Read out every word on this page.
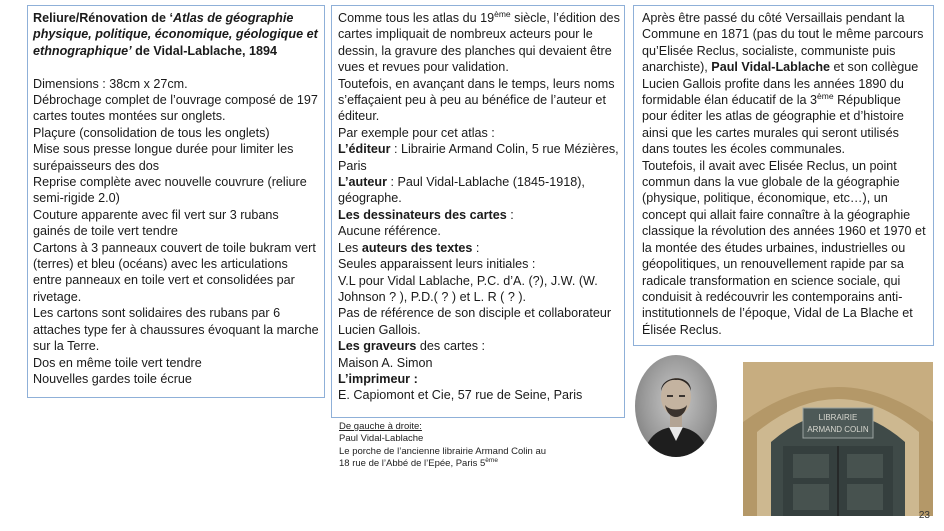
Reliure/Rénovation de ‘Atlas de géographie
physique, politique, économique, géologique et
ethnographique’ de Vidal-Lablache, 1894
Dimensions : 38cm x 27cm.
Débrochage complet de l’ouvrage composé de 197
cartes toutes montées sur onglets.
Plaçure (consolidation de tous les onglets)
Mise sous presse longue durée pour limiter les
surépaisseurs des dos
Reprise complète avec nouvelle couvrure (reliure
semi-rigide 2.0)
Couture apparente avec fil vert sur 3 rubans
gainés de toile vert tendre
Cartons à 3 panneaux couvert de toile bukram vert
(terres) et bleu (océans) avec les articulations
entre panneaux en toile vert et consolidées par
rivetage.
Les cartons sont solidaires des rubans par 6
attaches type fer à chaussures évoquant la marche
sur la Terre.
Dos en même toile vert tendre
Nouvelles gardes toile écrue
Comme tous les atlas du 19ème siècle, l’édition des
cartes impliquait de nombreux acteurs pour le
dessin, la gravure des planches qui devaient être
vues et revues pour validation.
Toutefois, en avançant dans le temps, leurs noms
s’effaçaient peu à peu au bénéfice de l’auteur et
éditeur.
Par exemple pour cet atlas :
L’éditeur : Librairie Armand Colin, 5 rue Mézières,
Paris
L’auteur : Paul Vidal-Lablache (1845-1918),
géographe.
Les dessinateurs des cartes :
Aucune référence.
Les auteurs des textes :
Seules apparaissent leurs initiales :
V.L pour Vidal Lablache, P.C. d’A. (?), J.W. (W.
Johnson ? ), P.D.( ? ) et L. R ( ? ).
Pas de référence de son disciple et collaborateur
Lucien Gallois.
Les graveurs des cartes :
Maison A. Simon
L’imprimeur :
E. Capiomont et Cie, 57 rue de Seine, Paris
Après être passé du côté Versaillais pendant la
Commune en 1871 (pas du tout le même parcours
qu’Elisée Reclus, socialiste, communiste puis
anarchiste), Paul Vidal-Lablache et son collègue
Lucien Gallois profite dans les années 1890 du
formidable élan éducatif de la 3ème République
pour éditer les atlas de géographie et d’histoire
ainsi que les cartes murales qui seront utilisés
dans toutes les écoles communales.
Toutefois, il avait avec Elisée Reclus, un point
commun dans la vue globale de la géographie
(physique, politique, économique, etc…), un
concept qui allait faire connaître à la géographie
classique la révolution des années 1960 et 1970 et
la montée des études urbaines, industrielles ou
géopolitiques, un renouvellement rapide par sa
radicale transformation en science sociale, qui
conduisit à redécouvrir les contemporains anti-
institutionnels de l’époque, Vidal de La Blache et
Élisée Reclus.
De gauche à droite:
Paul Vidal-Lablache
Le porche de l’ancienne librairie Armand Colin au
18 rue de l’Abbé de l’Epée, Paris 5ème
LIBRAIRIE
ARMAND COLIN
23
